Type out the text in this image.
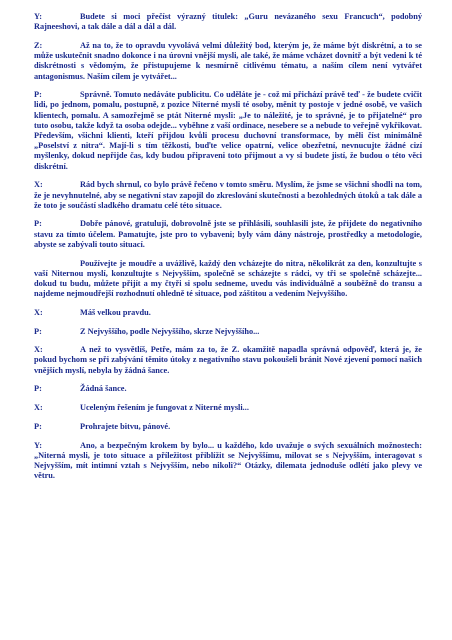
Y:	Budete si moci přečíst výrazný titulek: „Guru nevázaného sexu Francuch“, podobný Rajneeshovi, a tak dále a dál a dál a dál.

Z:	Až na to, že to opravdu vyvolává velmi důležitý bod, kterým je, že máme být diskrétní, a to se může uskutečnit snadno dokonce i na úrovni vnější mysli, ale také, že máme vcházet dovnitř a být vedeni k té diskrétnosti s vědomým, že přistupujeme k nesmírně citlivému tématu, a naším cílem není vytvářet antagonismus. Naším cílem je vytvářet...

P:	Správně. Tomuto nedáváte publicitu. Co uděláte je - což mi přichází právě teď - že budete cvičit lidi, po jednom, pomalu, postupně, z pozice Niterné mysli té osoby, měnit ty postoje v jedné osobě, ve vašich klientech, pomalu. A samozřejmě se ptát Niterné mysli: „Je to náležité, je to správné, je to přijatelné“ pro tuto osobu, takže když ta osoba odejde... vyběhne z vaší ordinace, nesebere se a nebude to veřejně vykřikovat. Především, všichni klienti, kteří přijdou kvůli procesu duchovní transformace, by měli číst minimálně „Poselství z nitra“. Mají-li s tím těžkosti, buďte velice opatrní, velice obezřetní, nevnucujte žádné cizí myšlenky, dokud nepřijde čas, kdy budou připraveni toto přijmout a vy si budete jistí, že budou o této věci diskrétní.

X:	Rád bych shrnul, co bylo právě řečeno v tomto směru. Myslím, že jsme se všichni shodli na tom, že je nevyhnutelné, aby se negativní stav zapojil do zkreslování skutečnosti a bezohledných útoků a tak dále a že toto je součástí sladkého dramatu celé této situace.

P:	Dobře pánové, gratuluji, dobrovolně jste se přihlásili, souhlasili jste, že přijdete do negativního stavu za tímto účelem. Pamatujte, jste pro to vybaveni; byly vám dány nástroje, prostředky a metodologie, abyste se zabývali touto situací.

Používejte je moudře a uvážlivě, každý den vcházejte do nitra, několikrát za den, konzultujte s vaší Niternou myslí, konzultujte s Nejvyšším, společně se scházejte s rádci, vy tři se společně scházejte... dokud tu budu, můžete přijít a my čtyři si spolu sedneme, uvedu vás individuálně a souběžně do transu a najdeme nejmoudřejší rozhodnutí ohledně té situace, pod záštitou a vedením Nejvyššího.

X:	Máš velkou pravdu.

P:	Z Nejvyššího, podle Nejvyššího, skrze Nejvyššího...

X:	A než to vysvětlíš, Petře, mám za to, že Z. okamžitě napadla správná odpověď, která je, že pokud bychom se při zabývání těmito útoky z negativního stavu pokoušeli bránit Nové zjevení pomocí našich vnějších myslí, nebyla by žádná šance.

P:	Žádná šance.

X:	Uceleným řešením je fungovat z Niterné mysli...

P:	Prohrajete bitvu, pánové.

Y:	Ano, a bezpečným krokem by bylo... u každého, kdo uvažuje o svých sexuálních možnostech: „Niterná mysli, je toto situace a příležitost přiblížit se Nejvyššímu, milovat se s Nejvyšším, interagovat s Nejvyšším, mít intimní vztah s Nejvyšším, nebo nikoli?“ Otázky, dilemata jednoduše odlétí jako plevy ve větru.
